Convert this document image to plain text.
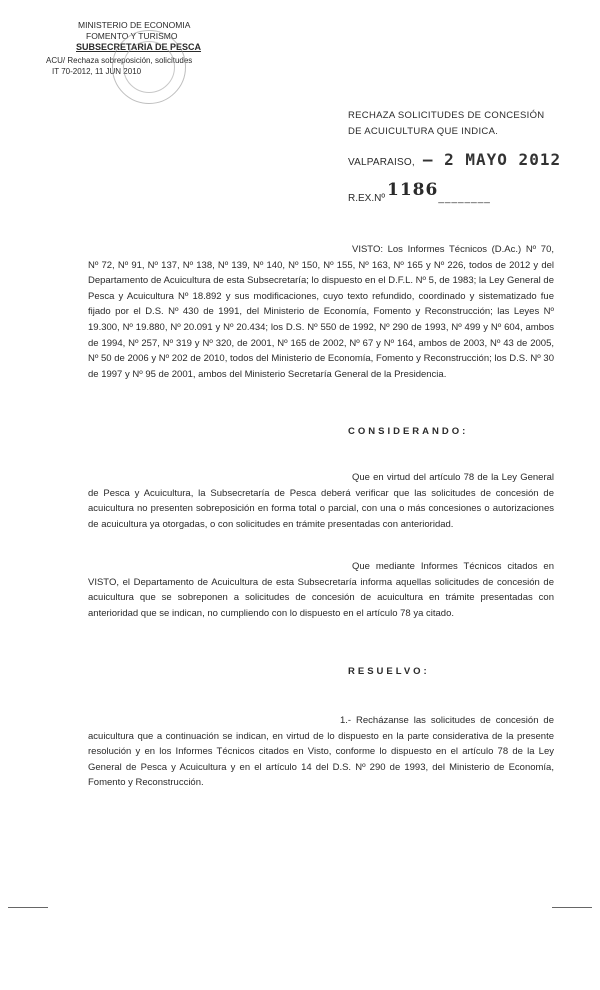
MINISTERIO DE ECONOMIA
FOMENTO Y TURISMO
SUBSECRETARIA DE PESCA
ACU/ Rechaza sobreposición, solicitudes
IT 70-2012, 11 JUN 2010
RECHAZA SOLICITUDES DE CONCESIÓN DE ACUICULTURA QUE INDICA.
VALPARAISO, – 2 MAYO 2012
R.EX.Nº 1186________

VISTO: Los Informes Técnicos (D.Ac.) Nº 70, Nº 72, Nº 91, Nº 137, Nº 138, Nº 139, Nº 140, Nº 150, Nº 155, Nº 163, Nº 165 y Nº 226, todos de 2012 y del Departamento de Acuicultura de esta Subsecretaría; lo dispuesto en el D.F.L. Nº 5, de 1983; la Ley General de Pesca y Acuicultura Nº 18.892 y sus modificaciones, cuyo texto refundido, coordinado y sistematizado fue fijado por el D.S. Nº 430 de 1991, del Ministerio de Economía, Fomento y Reconstrucción; las Leyes Nº 19.300, Nº 19.880, Nº 20.091 y Nº 20.434; los D.S. Nº 550 de 1992, Nº 290 de 1993, Nº 499 y Nº 604, ambos de 1994, Nº 257, Nº 319 y Nº 320, de 2001, Nº 165 de 2002, Nº 67 y Nº 164, ambos de 2003, Nº 43 de 2005, Nº 50 de 2006 y Nº 202 de 2010, todos del Ministerio de Economía, Fomento y Reconstrucción; los D.S. Nº 30 de 1997 y Nº 95 de 2001, ambos del Ministerio Secretaría General de la Presidencia.

CONSIDERANDO:

Que en virtud del artículo 78 de la Ley General de Pesca y Acuicultura, la Subsecretaría de Pesca deberá verificar que las solicitudes de concesión de acuicultura no presenten sobreposición en forma total o parcial, con una o más concesiones o autorizaciones de acuicultura ya otorgadas, o con solicitudes en trámite presentadas con anterioridad.

Que mediante Informes Técnicos citados en VISTO, el Departamento de Acuicultura de esta Subsecretaría informa aquellas solicitudes de concesión de acuicultura que se sobreponen a solicitudes de concesión de acuicultura en trámite presentadas con anterioridad que se indican, no cumpliendo con lo dispuesto en el artículo 78 ya citado.

RESUELVO:

1.- Recházanse las solicitudes de concesión de acuicultura que a continuación se indican, en virtud de lo dispuesto en la parte considerativa de la presente resolución y en los Informes Técnicos citados en Visto, conforme lo dispuesto en el artículo 78 de la Ley General de Pesca y Acuicultura y en el artículo 14 del D.S. Nº 290 de 1993, del Ministerio de Economía, Fomento y Reconstrucción.
